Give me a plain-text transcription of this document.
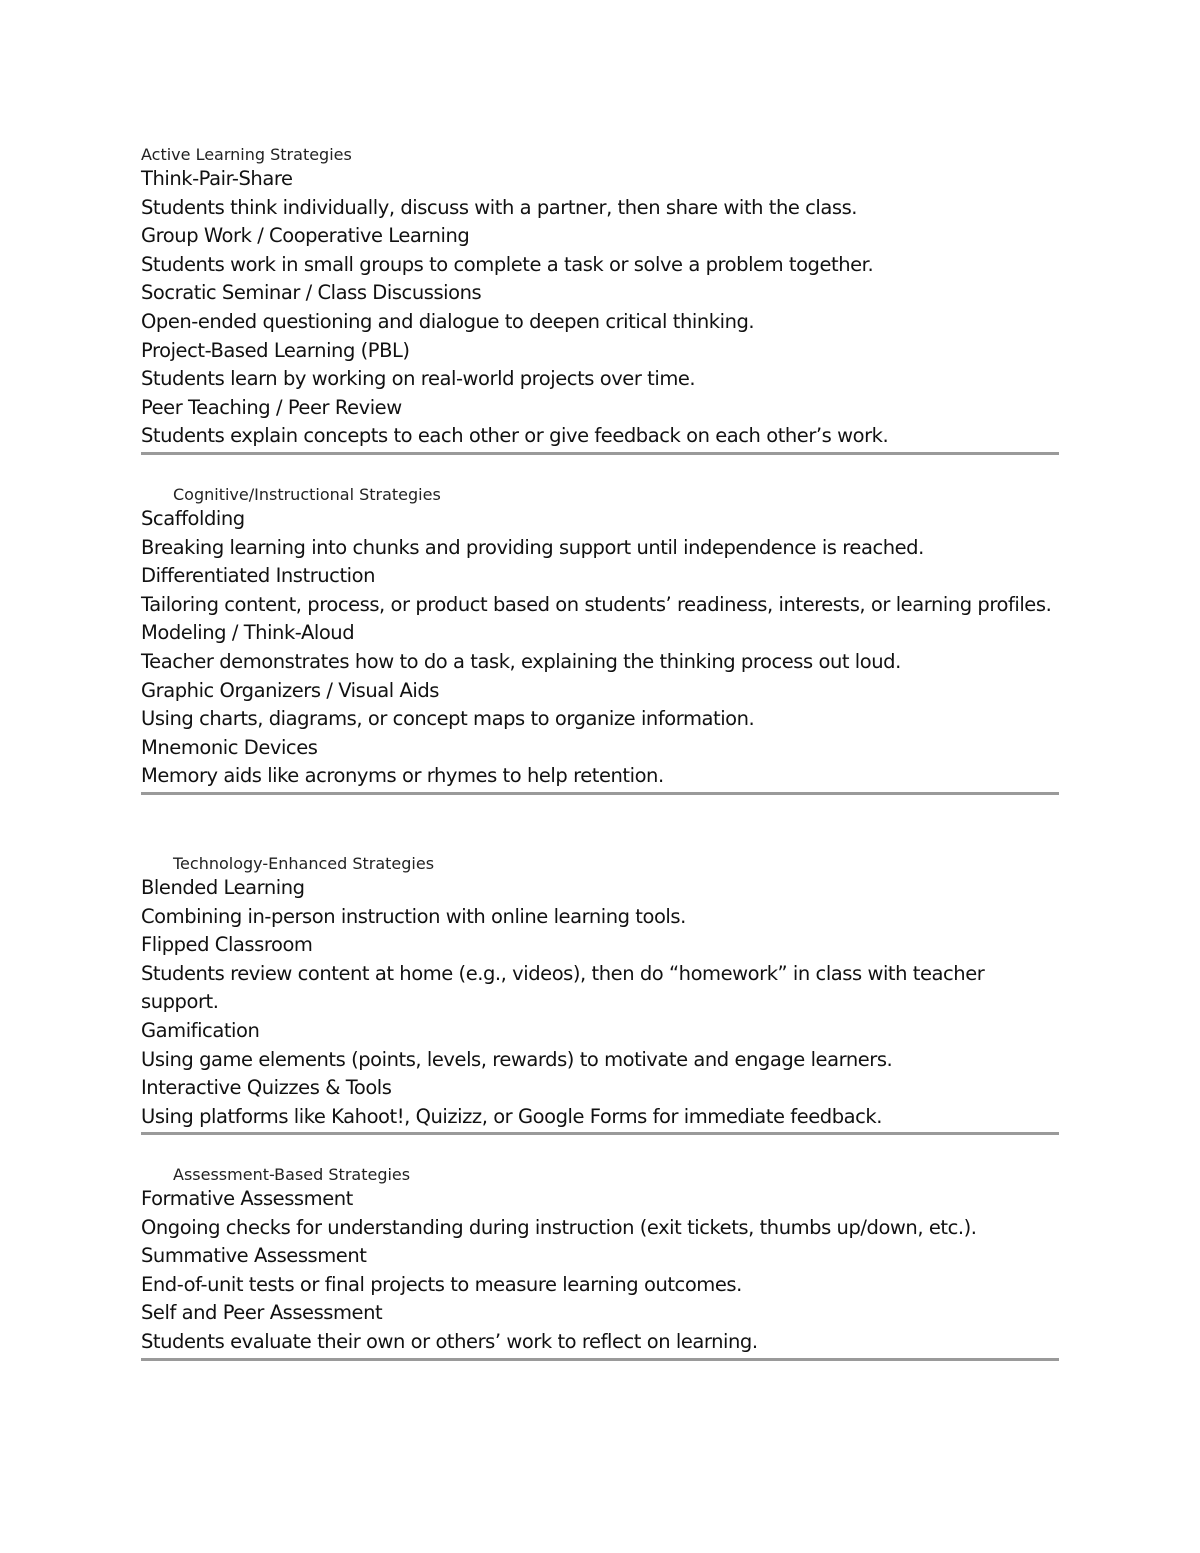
Active Learning Strategies
Think-Pair-Share
Students think individually, discuss with a partner, then share with the class.
Group Work / Cooperative Learning
Students work in small groups to complete a task or solve a problem together.
Socratic Seminar / Class Discussions
Open-ended questioning and dialogue to deepen critical thinking.
Project-Based Learning (PBL)
Students learn by working on real-world projects over time.
Peer Teaching / Peer Review
Students explain concepts to each other or give feedback on each other’s work.
Cognitive/Instructional Strategies
Scaffolding
Breaking learning into chunks and providing support until independence is reached.
Differentiated Instruction
Tailoring content, process, or product based on students’ readiness, interests, or learning profiles.
Modeling / Think-Aloud
Teacher demonstrates how to do a task, explaining the thinking process out loud.
Graphic Organizers / Visual Aids
Using charts, diagrams, or concept maps to organize information.
Mnemonic Devices
Memory aids like acronyms or rhymes to help retention.
Technology-Enhanced Strategies
Blended Learning
Combining in-person instruction with online learning tools.
Flipped Classroom
Students review content at home (e.g., videos), then do “homework” in class with teacher support.
Gamification
Using game elements (points, levels, rewards) to motivate and engage learners.
Interactive Quizzes & Tools
Using platforms like Kahoot!, Quizizz, or Google Forms for immediate feedback.
Assessment-Based Strategies
Formative Assessment
Ongoing checks for understanding during instruction (exit tickets, thumbs up/down, etc.).
Summative Assessment
End-of-unit tests or final projects to measure learning outcomes.
Self and Peer Assessment
Students evaluate their own or others’ work to reflect on learning.
